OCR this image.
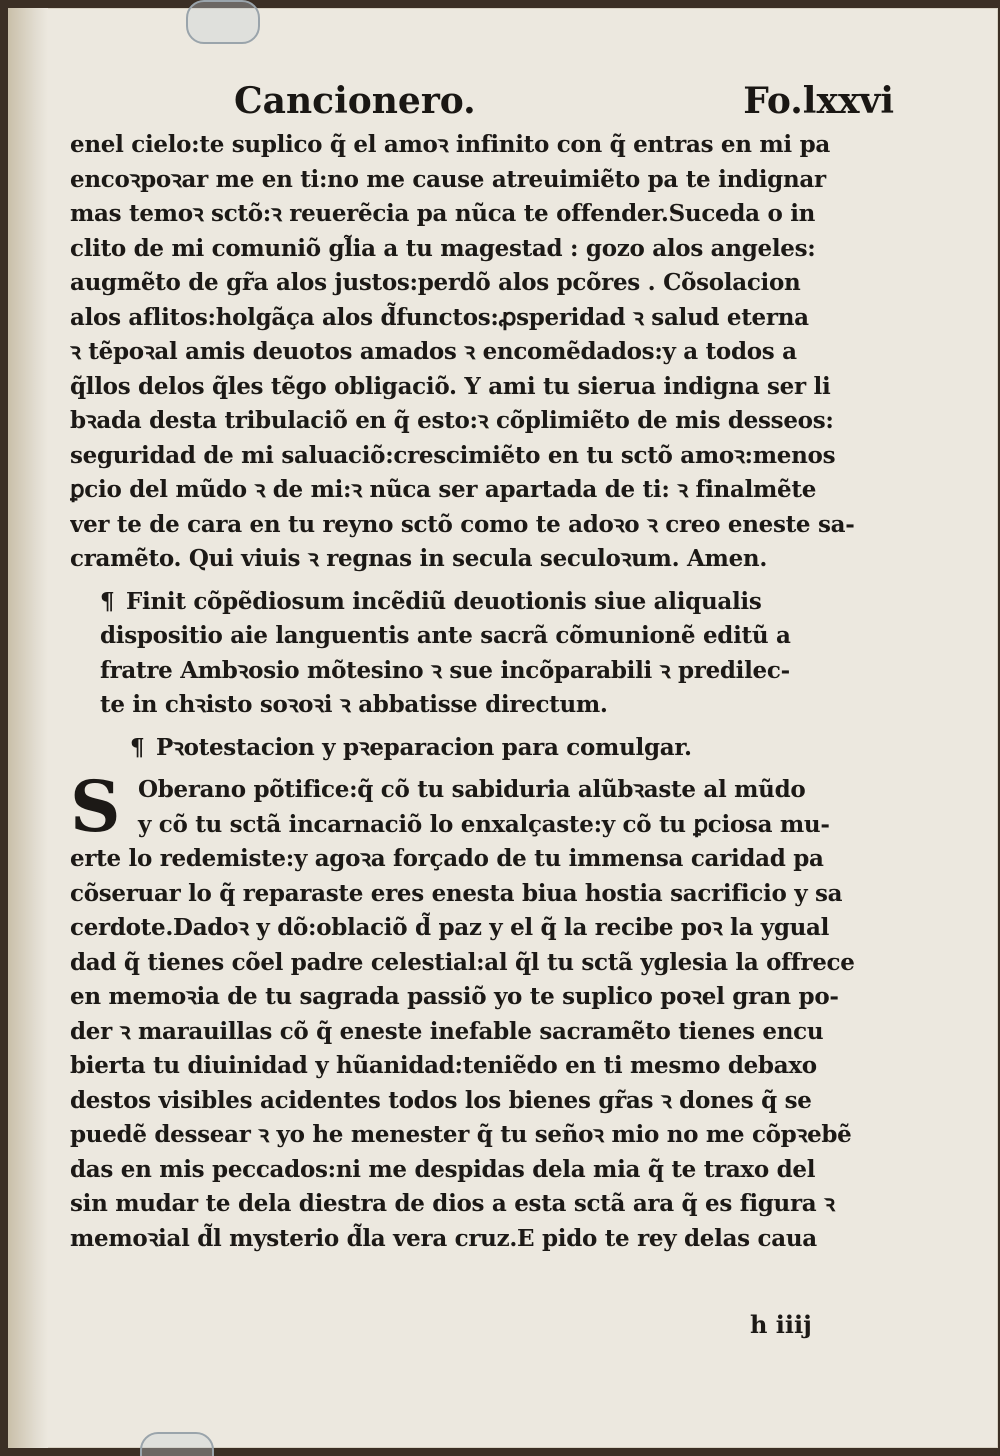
Cancionero.	Fo.lxxvi
enel cielo:te suplico q̃ el amoꝛ infinito con q̃ entras en mi pa
encoꝛpoꝛar me en ti:no me cause atreuimiẽto pa te indignar
mas temoꝛ sctõ:ꝛ reuerẽcia pa nũca te offender.Suceda o in
clito de mi comuniõ gl̃ia a tu magestad : gozo alos angeles:
augmẽto de gr̃a alos justos:perdõ alos pcõres . Cõsolacion
alos aflitos:holgãça alos d̃functos:ꝓsperidad ꝛ salud eterna
ꝛ tẽpoꝛal amis deuotos amados ꝛ encomẽdados:y a todos a
q̃llos delos q̃les tẽgo obligaciõ. Y ami tu sierua indigna ser li
bꝛada desta tribulaciõ en q̃ esto:ꝛ cõplimiẽto de mis desseos:
seguridad de mi saluaciõ:crescimiẽto en tu sctõ amoꝛ:menos
ꝑcio del mũdo ꝛ de mi:ꝛ nũca ser apartada de ti: ꝛ finalmẽte
ver te de cara en tu reyno sctõ como te adoꝛo ꝛ creo eneste sa-
cramẽto. Qui viuis ꝛ regnas in secula seculoꝛum. Amen.
¶ Finit cõpẽdiosum incẽdiũ deuotionis siue aliqualis
dispositio aie languentis ante sacrã cõmunionẽ editũ a
fratre Ambꝛosio mõtesino ꝛ sue incõparabili ꝛ predilec-
te in chꝛisto soꝛoꝛi ꝛ abbatisse directum.
¶ Pꝛotestacion y pꝛeparacion para comulgar.
S Oberano põtifice:q̃ cõ tu sabiduria alũbꝛaste al mũdo
y cõ tu sctã incarnaciõ lo enxalçaste:y cõ tu ꝑciosa mu-
erte lo redemiste:y agoꝛa forçado de tu immensa caridad pa
cõseruar lo q̃ reparaste eres enesta biua hostia sacrificio y sa
cerdote.Dadoꝛ y dõ:oblaciõ d̃ paz y el q̃ la recibe poꝛ la ygual
dad q̃ tienes cõel padre celestial:al q̃l tu sctã yglesia la offrece
en memoꝛia de tu sagrada passiõ yo te suplico poꝛel gran po-
der ꝛ marauillas cõ q̃ eneste inefable sacramẽto tienes encu
bierta tu diuinidad y hũanidad:teniẽdo en ti mesmo debaxo
destos visibles acidentes todos los bienes gr̃as ꝛ dones q̃ se
puedẽ dessear ꝛ yo he menester q̃ tu señoꝛ mio no me cõpꝛebẽ
das en mis peccados:ni me despidas dela mia q̃ te traxo del
sin mudar te dela diestra de dios a esta sctã ara q̃ es figura ꝛ
memoꝛial d̃l mysterio d̃la vera cruz.E pido te rey delas caua
h iiij
